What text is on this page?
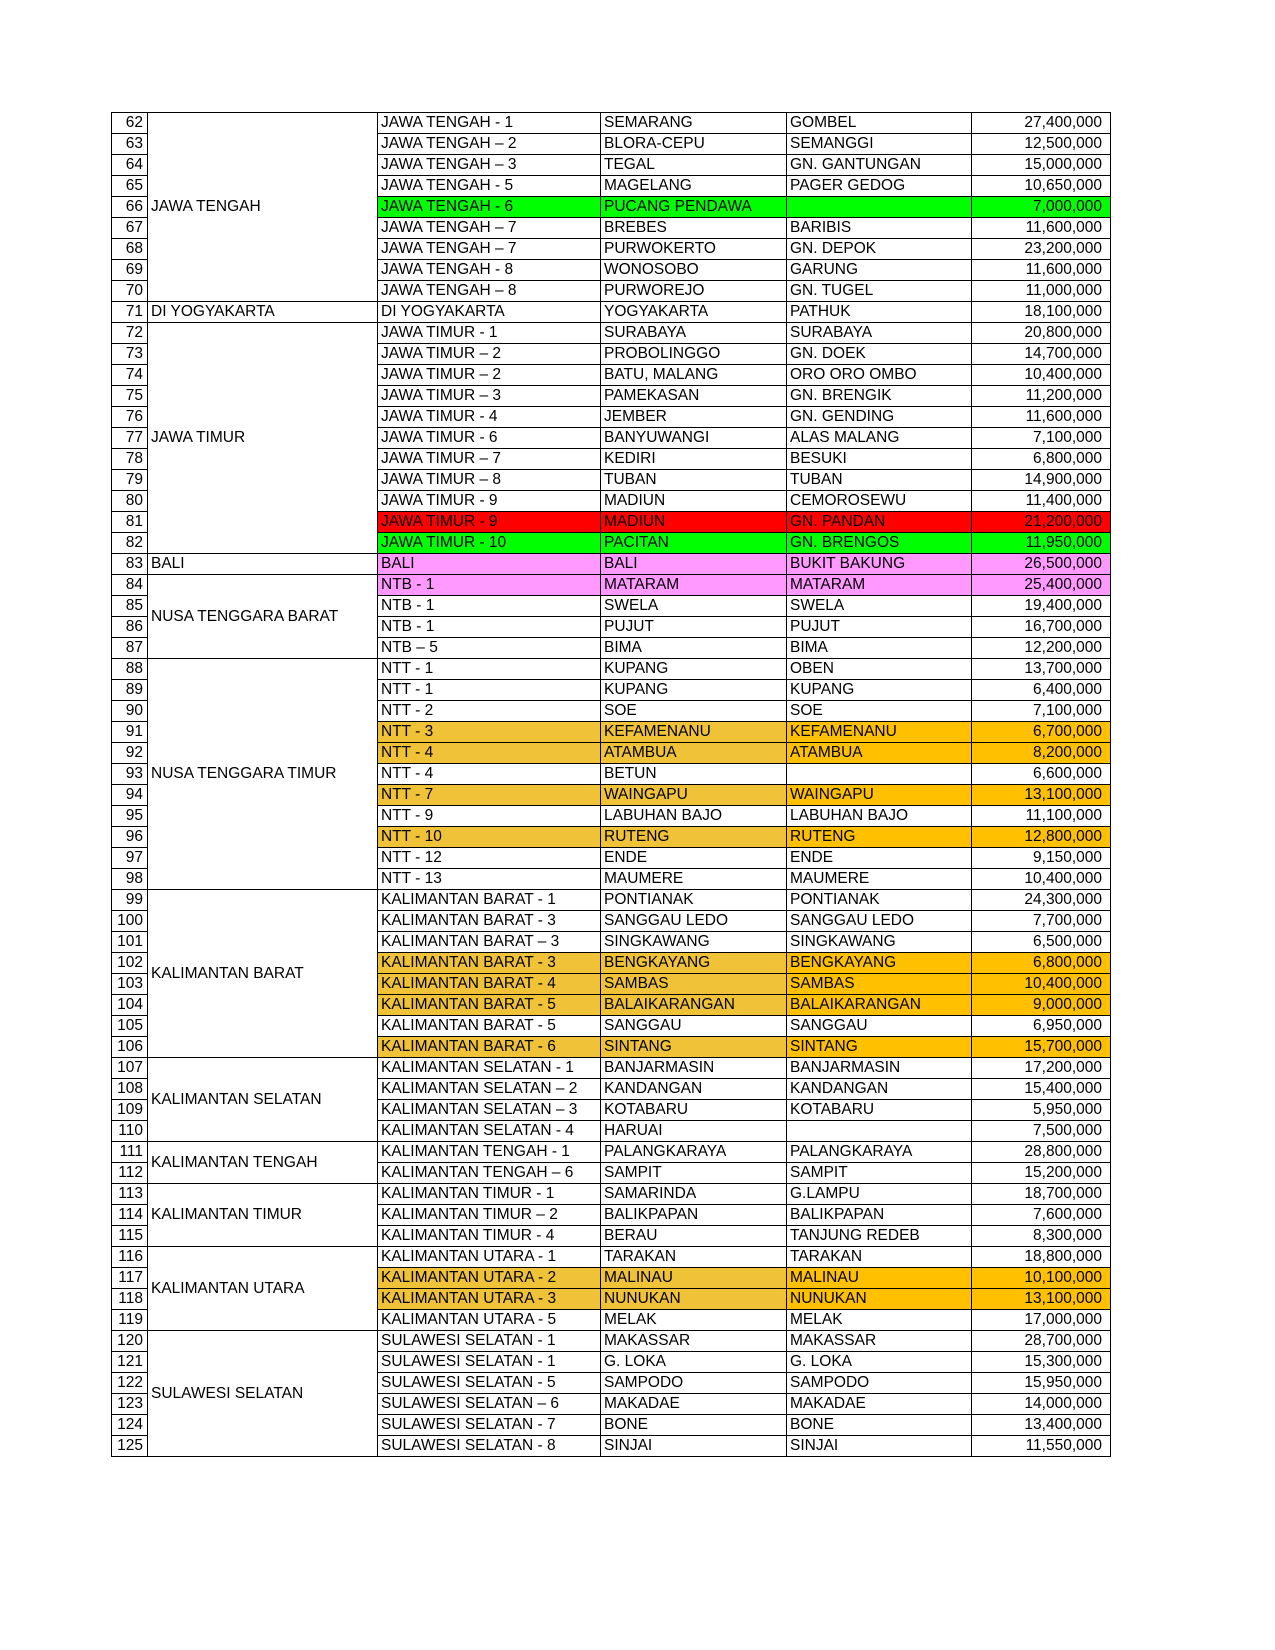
62	JAWA TENGAH	JAWA TENGAH - 1	SEMARANG	GOMBEL	27,400,000
63		JAWA TENGAH – 2	BLORA-CEPU	SEMANGGI	12,500,000
64		JAWA TENGAH – 3	TEGAL	GN. GANTUNGAN	15,000,000
65		JAWA TENGAH - 5	MAGELANG	PAGER GEDOG	10,650,000
66		JAWA TENGAH - 6	PUCANG PENDAWA		7,000,000
67		JAWA TENGAH – 7	BREBES	BARIBIS	11,600,000
68		JAWA TENGAH – 7	PURWOKERTO	GN. DEPOK	23,200,000
69		JAWA TENGAH - 8	WONOSOBO	GARUNG	11,600,000
70		JAWA TENGAH – 8	PURWOREJO	GN. TUGEL	11,000,000
71	DI YOGYAKARTA	DI YOGYAKARTA	YOGYAKARTA	PATHUK	18,100,000
72	JAWA TIMUR	JAWA TIMUR - 1	SURABAYA	SURABAYA	20,800,000
73		JAWA TIMUR – 2	PROBOLINGGO	GN. DOEK	14,700,000
74		JAWA TIMUR – 2	BATU, MALANG	ORO ORO OMBO	10,400,000
75		JAWA TIMUR – 3	PAMEKASAN	GN. BRENGIK	11,200,000
76		JAWA TIMUR - 4	JEMBER	GN. GENDING	11,600,000
77		JAWA TIMUR - 6	BANYUWANGI	ALAS MALANG	7,100,000
78		JAWA TIMUR – 7	KEDIRI	BESUKI	6,800,000
79		JAWA TIMUR – 8	TUBAN	TUBAN	14,900,000
80		JAWA TIMUR - 9	MADIUN	CEMOROSEWU	11,400,000
81		JAWA TIMUR - 9	MADIUN	GN. PANDAN	21,200,000
82		JAWA TIMUR - 10	PACITAN	GN. BRENGOS	11,950,000
83	BALI	BALI	BALI	BUKIT BAKUNG	26,500,000
84	NUSA TENGGARA BARAT	NTB - 1	MATARAM	MATARAM	25,400,000
85		NTB - 1	SWELA	SWELA	19,400,000
86		NTB - 1	PUJUT	PUJUT	16,700,000
87		NTB – 5	BIMA	BIMA	12,200,000
88	NUSA TENGGARA TIMUR	NTT - 1	KUPANG	OBEN	13,700,000
89		NTT - 1	KUPANG	KUPANG	6,400,000
90		NTT - 2	SOE	SOE	7,100,000
91		NTT - 3	KEFAMENANU	KEFAMENANU	6,700,000
92		NTT - 4	ATAMBUA	ATAMBUA	8,200,000
93		NTT - 4	BETUN		6,600,000
94		NTT - 7	WAINGAPU	WAINGAPU	13,100,000
95		NTT - 9	LABUHAN BAJO	LABUHAN BAJO	11,100,000
96		NTT - 10	RUTENG	RUTENG	12,800,000
97		NTT - 12	ENDE	ENDE	9,150,000
98		NTT - 13	MAUMERE	MAUMERE	10,400,000
99	KALIMANTAN BARAT	KALIMANTAN BARAT - 1	PONTIANAK	PONTIANAK	24,300,000
100		KALIMANTAN BARAT - 3	SANGGAU LEDO	SANGGAU LEDO	7,700,000
101		KALIMANTAN BARAT – 3	SINGKAWANG	SINGKAWANG	6,500,000
102		KALIMANTAN BARAT - 3	BENGKAYANG	BENGKAYANG	6,800,000
103		KALIMANTAN BARAT - 4	SAMBAS	SAMBAS	10,400,000
104		KALIMANTAN BARAT - 5	BALAIKARANGAN	BALAIKARANGAN	9,000,000
105		KALIMANTAN BARAT - 5	SANGGAU	SANGGAU	6,950,000
106		KALIMANTAN BARAT - 6	SINTANG	SINTANG	15,700,000
107	KALIMANTAN SELATAN	KALIMANTAN SELATAN - 1	BANJARMASIN	BANJARMASIN	17,200,000
108		KALIMANTAN SELATAN – 2	KANDANGAN	KANDANGAN	15,400,000
109		KALIMANTAN SELATAN – 3	KOTABARU	KOTABARU	5,950,000
110		KALIMANTAN SELATAN - 4	HARUAI		7,500,000
111	KALIMANTAN TENGAH	KALIMANTAN TENGAH - 1	PALANGKARAYA	PALANGKARAYA	28,800,000
112		KALIMANTAN TENGAH – 6	SAMPIT	SAMPIT	15,200,000
113	KALIMANTAN TIMUR	KALIMANTAN TIMUR - 1	SAMARINDA	G.LAMPU	18,700,000
114		KALIMANTAN TIMUR – 2	BALIKPAPAN	BALIKPAPAN	7,600,000
115		KALIMANTAN TIMUR - 4	BERAU	TANJUNG REDEB	8,300,000
116	KALIMANTAN UTARA	KALIMANTAN UTARA - 1	TARAKAN	TARAKAN	18,800,000
117		KALIMANTAN UTARA - 2	MALINAU	MALINAU	10,100,000
118		KALIMANTAN UTARA - 3	NUNUKAN	NUNUKAN	13,100,000
119		KALIMANTAN UTARA - 5	MELAK	MELAK	17,000,000
120	SULAWESI SELATAN	SULAWESI SELATAN - 1	MAKASSAR	MAKASSAR	28,700,000
121		SULAWESI SELATAN - 1	G. LOKA	G. LOKA	15,300,000
122		SULAWESI SELATAN - 5	SAMPODO	SAMPODO	15,950,000
123		SULAWESI SELATAN – 6	MAKADAE	MAKADAE	14,000,000
124		SULAWESI SELATAN - 7	BONE	BONE	13,400,000
125		SULAWESI SELATAN - 8	SINJAI	SINJAI	11,550,000
